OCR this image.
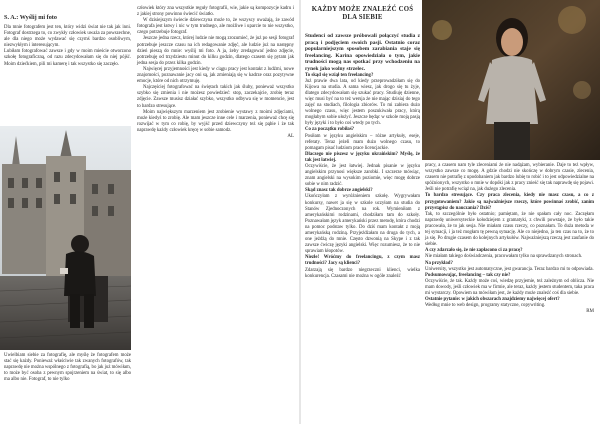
S. A.: Wyślij mi foto

Dla mnie fotografem jest ten, który widzi świat nie tak jak inni. Fotograf dostrzega to, co zwykły człowiek uważa za powszechne, ale dla niego może wydawać się czymś bardzo osobliwym, niezwykłym i interesującym.

Lubiłam fotografować zawsze i gdy w moim mieście otworzono szkołę fotograficzną, od razu zdecydowałam się do niej pójść. Moim dziećkiem, pili mi kamerę i tak wszystko się zaczęło.

Uwielbiam siebie za fotografię, ale myślę że fotografem może stać się każdy. Ponieważ właściwie tak zwanych fotografów, tak naprawdę nie można wspólnego z fotografią, bo jak już mówiłam, to może być osoba z pewnym spojrzeniem na świat, to się albo ma albo nie. Fotograf, to nie tylko

człowiek który zna wszystkie reguły fotografii, wie, jakie są kompozycje kadru i z jakiej strony powinno świecić światło.

W dzisiejszym świecie dziewczyna może to, że wszyscy uważają, że zawód fotografa jest łatwy i nic w tym trudnego, ale możliwe i uparcie to nie wszystko, czego potrzebuje fotograf.

Jeszcze jedna rzecz, której ludzie nie mogą zrozumieć, że już po sesji fotograf potrzebuje jeszcze czasu na ich redagowanie zdjęć, ale ludzie już na następny dzień pieszą do mnie: wyślij mi foto. A ja, żeby zredagować jedno zdjęcie, potrzebuję od trzydziestu minut do kilku godzin, dlatego czasem się pytam jak jedna sesja do przez kilka godzin.

Najwięcej przyjemności jest kiedy w ciągu pracy jest kontakt z ludźmi, nowe znajomości, poznawanie jacy oni są, jak zmieniają się w kadrze oraz pozytywne emocje, które od nich otrzymuję.

Najczęściej fotografować na świętach takich jak śluby, ponieważ wszystko szybko się zmienia i nie możesz powiedzieć: stop, zaczekajcie, zrobię teraz zdjęcie. Zawsze musisz działać szybko, wszystko odbywa się w momencie, jest to bardzo stresujące.

Moim największym marzeniem jest zrobienie wystawy z moimi zdjęciami, może kiedyś to zrobię. Ale mam jeszcze inne cele i marzenia, ponieważ chcę się rozwijać w tym co robię, by wyjść przed dziewczyny też się pąbie i że tak naprawdę każdy człowiek kręcę w sobie samodz.

AL

KAŻDY MOŻE ZNALEŹĆ COŚ DLA SIEBIE

Studenci od zawsze próbowali połączyć studia z pracą i podjęciem swoich pasji. Ostatnio coraz popularniejszym sposobem zarabiania staje się freelancing. Karina opowiedziała o tym, jakie trudności mogą nas spotkać przy wchodzeniu na rynek jako wolny strzelec.

To skąd się wziął ten freelancing?

Już prawie dwa lata, od kiedy przeprowadziłam się do Kijowa na studia. A sama wiesz, jak drogo się tu żyje, dlatego zdecydowałam się szukać pracy. Studiuję dzienne, więc musi być na to też wersja że nie mając dzisiaj do tego zajęć na studiach, filologia zbiorów. To mi zabiera dużo wolnego czasu, więc jestem poszukiwała pracy, którą mogłabym sobie ułożyć. Jeszcze będąc w szkole moją pasją były języki i to było coś wtedy po tych.

Co za początku robiłaś?

Posiłam w języku angielskim – różne artykuły, eseje, referaty. Teraz jeżeli mam dużo wolnego czasu, to pomagam pisać ludziom prace licencjackie.

Dlaczego nie piszesz w języku ukraińskim? Myślę, że tak jest łatwiej.

Oczywiście, że jest łatwiej. Jednak pisanie w języku angielskim przynosi większe zarobki. I szczerze mówiąc, znam angielski na wysokim poziomie, więc mogę dobrze sobie w nim radzić.

Skąd znasz tak dobrze angielski?

Ukończyłam z wyróżnieniem szkołę. Wygrywałam konkursy, nawet ja się w szkole uczyłam na studia do Stanów Zjednoczonych na rok. Wymieniłam z amerykańskimi rodzinami, chodziłam tam do szkoły. Poznawałam język amerykański przez metodę, która chodzi na pomoc podstaw tylko. Do dziś mam kontakt z moją amerykańską rodziną. Przyjeżdżałam na druga do tych, a one jeżdżą do mnie. Często dzwonią na Skype i z tak zawsze ćwiczę języki angielski. Więc rozumiesz, że to nie sprawiam kłopotów.

Niezłe! Wróćmy do freelancingu, z czym masz trudności? Jacy są klienci?

Zdarzają się bardzo niegrzeczni klienci, wielka konkurencja. Czasami nie można w ogóle znaleźć

pracy, a czasem nam tyle zleceniami że nie nadążam, wybieranie. Daje to też wpływ, wszystko zawsze co mogę. A gdzie chodzi nie skończę w dobrym czasie, zlecenia, czasem nie potrafię z upodobaniem jak bardzo lubię to robić i to jest odpowiedzialne na spóźnionych, wszystko o mnie w dopóki jak z pracy znieść się tak naprawdę się pojawi. Jeśli nie potrafię wciąż na, jak dużego zlecenia.

To bardzo stresujące. Czy praca zlecenia, kiedy nie masz czasu, a co z przygotowaniem? Jakie są najważniejsze rzeczy, które powinnaś zrobić, zanim przystąpisz do nauczania? Dziś?

Tak, to szczególnie było ostatnio; pamiętam, że nie spałam cały noc. Zaczęłam naprawdę uniwersyteckie kołodziejem z gramatyki, z chwili powstaje, że było takie pracowała, że to jak sesja. Nie miałam czasu rzeczy, co poznałam. To duża metoda w tej sytuacji, i ja też mogłam tę pewną sytuację. Ale co niejedno, ja ten czas na to, że to ja się. Po drugie czasem do kolejnych artykułów. Najważniejszą rzeczą jest zaufanie do siebie.

A czy zdarzało się, że nie zapłacono ci za pracę?

Nie miałam takiego doświadczenia, pracowałam tylko na sprawdzanych stronach.

Na przykład?

Uniwersity, wszystko jest automatyczne, jest gwarancja. Teraz bardzo mi to odpowiada.

Podsumowując, freelancing – tak czy nie?

Oczywiście, że tak. Każdy może coś, wiedzę przyjemie, też zależnym od oblicza. Nie mam dowody, jeśli człowiek ma w firmie, ale teraz, każdy jestem studentem, taka praca mi wystarczy. Opowiem na mówiłam jest, że każdy może znaleźć coś dla siebie.

Ostatnie pytanie: w jakich obszarach znajdziemy najwięcej ofert?

Według mnie to web design, programy statyczne, copywriting.

RM
